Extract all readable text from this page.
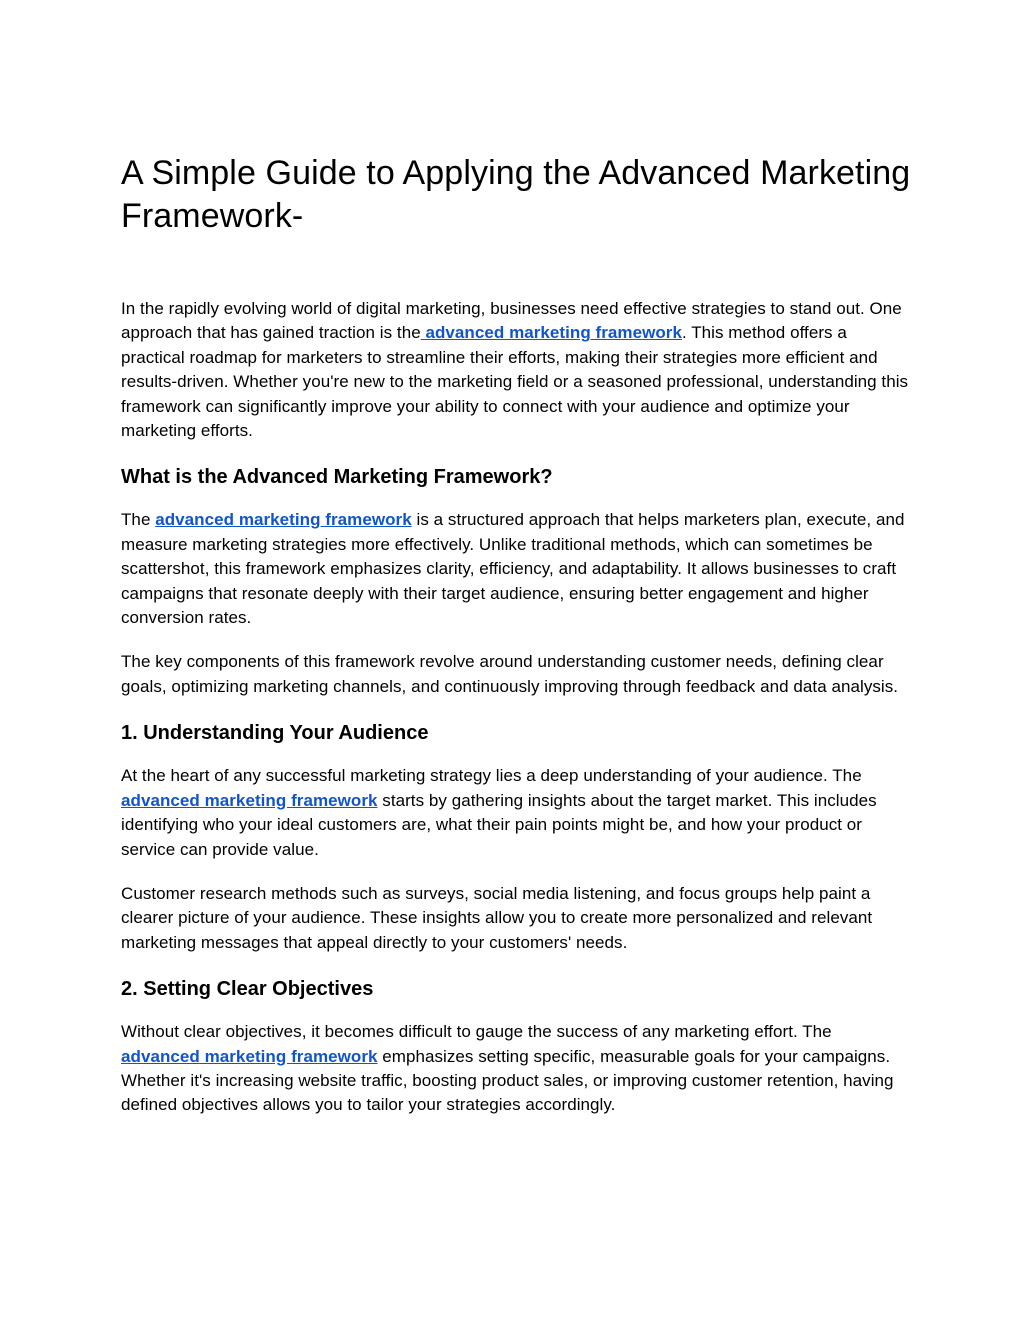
A Simple Guide to Applying the Advanced Marketing Framework-

In the rapidly evolving world of digital marketing, businesses need effective strategies to stand out. One approach that has gained traction is the advanced marketing framework. This method offers a practical roadmap for marketers to streamline their efforts, making their strategies more efficient and results-driven. Whether you're new to the marketing field or a seasoned professional, understanding this framework can significantly improve your ability to connect with your audience and optimize your marketing efforts.

What is the Advanced Marketing Framework?

The advanced marketing framework is a structured approach that helps marketers plan, execute, and measure marketing strategies more effectively. Unlike traditional methods, which can sometimes be scattershot, this framework emphasizes clarity, efficiency, and adaptability. It allows businesses to craft campaigns that resonate deeply with their target audience, ensuring better engagement and higher conversion rates.

The key components of this framework revolve around understanding customer needs, defining clear goals, optimizing marketing channels, and continuously improving through feedback and data analysis.

1. Understanding Your Audience

At the heart of any successful marketing strategy lies a deep understanding of your audience. The advanced marketing framework starts by gathering insights about the target market. This includes identifying who your ideal customers are, what their pain points might be, and how your product or service can provide value.

Customer research methods such as surveys, social media listening, and focus groups help paint a clearer picture of your audience. These insights allow you to create more personalized and relevant marketing messages that appeal directly to your customers' needs.

2. Setting Clear Objectives

Without clear objectives, it becomes difficult to gauge the success of any marketing effort. The advanced marketing framework emphasizes setting specific, measurable goals for your campaigns. Whether it's increasing website traffic, boosting product sales, or improving customer retention, having defined objectives allows you to tailor your strategies accordingly.
